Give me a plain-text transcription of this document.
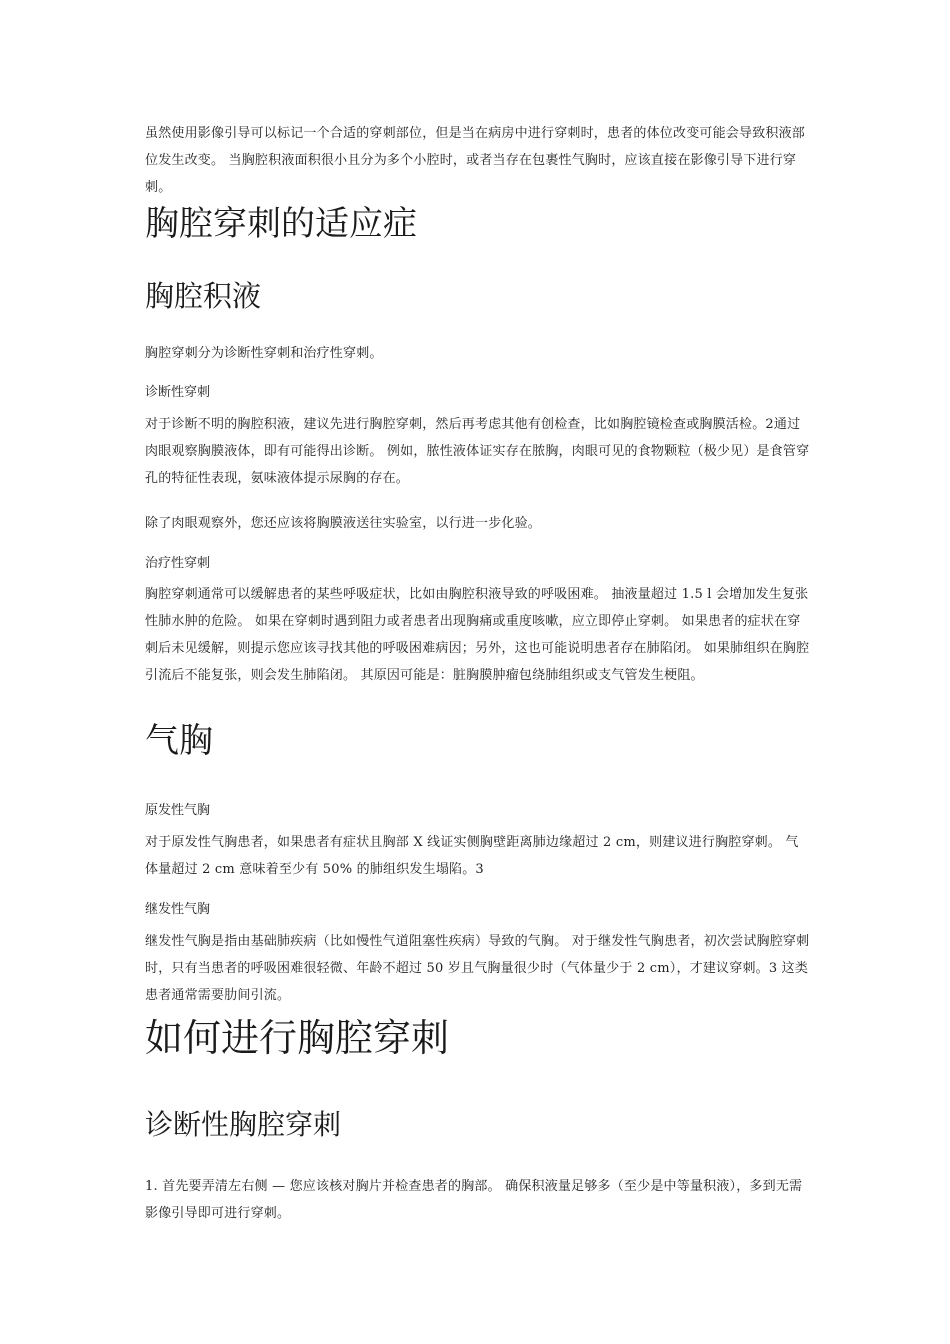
虽然使用影像引导可以标记一个合适的穿刺部位，但是当在病房中进行穿刺时，患者的体位改变可能会导致积液部位发生改变。 当胸腔积液面积很小且分为多个小腔时，或者当存在包裹性气胸时，应该直接在影像引导下进行穿刺。

胸腔穿刺的适应症
胸腔积液

胸腔穿刺分为诊断性穿刺和治疗性穿刺。

诊断性穿刺

对于诊断不明的胸腔积液，建议先进行胸腔穿刺，然后再考虑其他有创检查，比如胸腔镜检查或胸膜活检。2通过肉眼观察胸膜液体，即有可能得出诊断。 例如，脓性液体证实存在脓胸，肉眼可见的食物颗粒（极少见）是食管穿孔的特征性表现，氨味液体提示尿胸的存在。

除了肉眼观察外，您还应该将胸膜液送往实验室，以行进一步化验。

治疗性穿刺

胸腔穿刺通常可以缓解患者的某些呼吸症状，比如由胸腔积液导致的呼吸困难。 抽液量超过 1.5 l 会增加发生复张性肺水肿的危险。 如果在穿刺时遇到阻力或者患者出现胸痛或重度咳嗽，应立即停止穿刺。 如果患者的症状在穿刺后未见缓解，则提示您应该寻找其他的呼吸困难病因；另外，这也可能说明患者存在肺陷闭。 如果肺组织在胸腔引流后不能复张，则会发生肺陷闭。 其原因可能是：脏胸膜肿瘤包绕肺组织或支气管发生梗阻。

气胸
原发性气胸

对于原发性气胸患者，如果患者有症状且胸部 X 线证实侧胸壁距离肺边缘超过 2 cm，则建议进行胸腔穿刺。 气体量超过 2 cm 意味着至少有 50% 的肺组织发生塌陷。3

继发性气胸

继发性气胸是指由基础肺疾病（比如慢性气道阻塞性疾病）导致的气胸。 对于继发性气胸患者，初次尝试胸腔穿刺时，只有当患者的呼吸困难很轻微、年龄不超过 50 岁且气胸量很少时（气体量少于 2 cm），才建议穿刺。3 这类患者通常需要肋间引流。

如何进行胸腔穿刺
诊断性胸腔穿刺

1. 首先要弄清左右侧 — 您应该核对胸片并检查患者的胸部。 确保积液量足够多（至少是中等量积液），多到无需影像引导即可进行穿刺。
